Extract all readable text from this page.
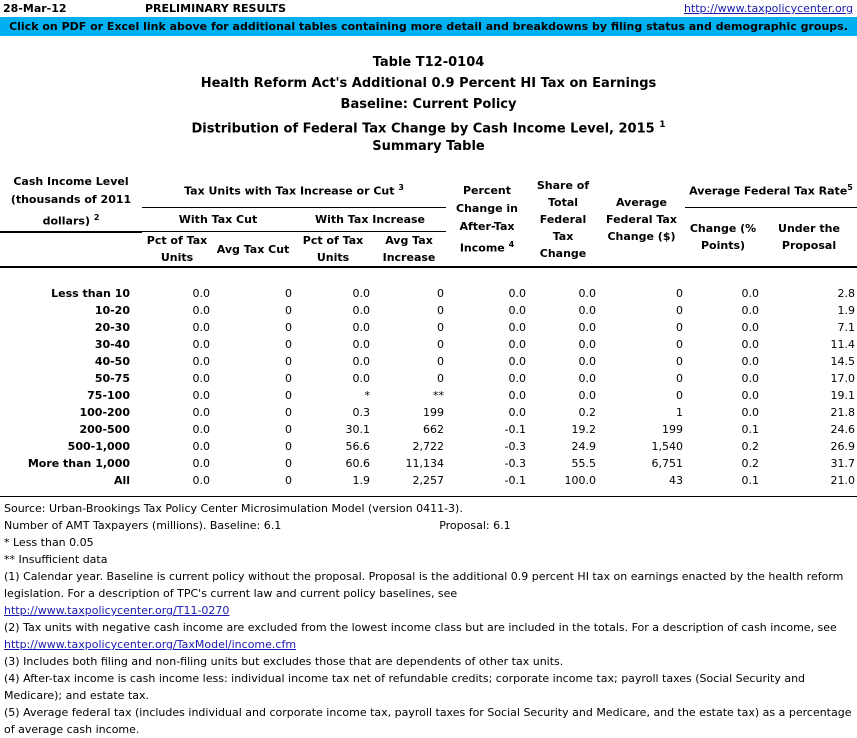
28-Mar-12	PRELIMINARY RESULTS	http://www.taxpolicycenter.org
Click on PDF or Excel link above for additional tables containing more detail and breakdowns by filing status and demographic groups.
Table T12-0104
Health Reform Act's Additional 0.9 Percent HI Tax on Earnings
Baseline: Current Policy
Distribution of Federal Tax Change by Cash Income Level, 2015 $^1$
Summary Table
Cash Income Level (thousands of 2011 dollars) $^2$	Tax Units with Tax Increase or Cut $^3$				Percent Change in After-Tax Income $^4$	Share of Total Federal Tax Change	Average Federal Tax Change ($)	Average Federal Tax Rate$^5$
	With Tax Cut		With Tax Increase					Change (% Points)	Under the Proposal
	Pct of Tax Units	Avg Tax Cut	Pct of Tax Units	Avg Tax Increase					

Less than 10	0.0	0	0.0	0	0.0	0.0	0	0.0	2.8
10-20	0.0	0	0.0	0	0.0	0.0	0	0.0	1.9
20-30	0.0	0	0.0	0	0.0	0.0	0	0.0	7.1
30-40	0.0	0	0.0	0	0.0	0.0	0	0.0	11.4
40-50	0.0	0	0.0	0	0.0	0.0	0	0.0	14.5
50-75	0.0	0	0.0	0	0.0	0.0	0	0.0	17.0
75-100	0.0	0	*	**	0.0	0.0	0	0.0	19.1
100-200	0.0	0	0.3	199	0.0	0.2	1	0.0	21.8
200-500	0.0	0	30.1	662	-0.1	19.2	199	0.1	24.6
500-1,000	0.0	0	56.6	2,722	-0.3	24.9	1,540	0.2	26.9
More than 1,000	0.0	0	60.6	11,134	-0.3	55.5	6,751	0.2	31.7
All	0.0	0	1.9	2,257	-0.1	100.0	43	0.1	21.0
Source: Urban-Brookings Tax Policy Center Microsimulation Model (version 0411-3).
Number of AMT Taxpayers (millions). Baseline: 6.1	Proposal: 6.1
* Less than 0.05
** Insufficient data
(1) Calendar year. Baseline is current policy without the proposal. Proposal is the additional 0.9 percent HI tax on earnings enacted by the health reform legislation. For a description of TPC's current law and current policy baselines, see
http://www.taxpolicycenter.org/T11-0270
(2) Tax units with negative cash income are excluded from the lowest income class but are included in the totals. For a description of cash income, see
http://www.taxpolicycenter.org/TaxModel/income.cfm
(3) Includes both filing and non-filing units but excludes those that are dependents of other tax units.
(4) After-tax income is cash income less: individual income tax net of refundable credits; corporate income tax; payroll taxes (Social Security and Medicare); and estate tax.
(5) Average federal tax (includes individual and corporate income tax, payroll taxes for Social Security and Medicare, and the estate tax) as a percentage of average cash income.
